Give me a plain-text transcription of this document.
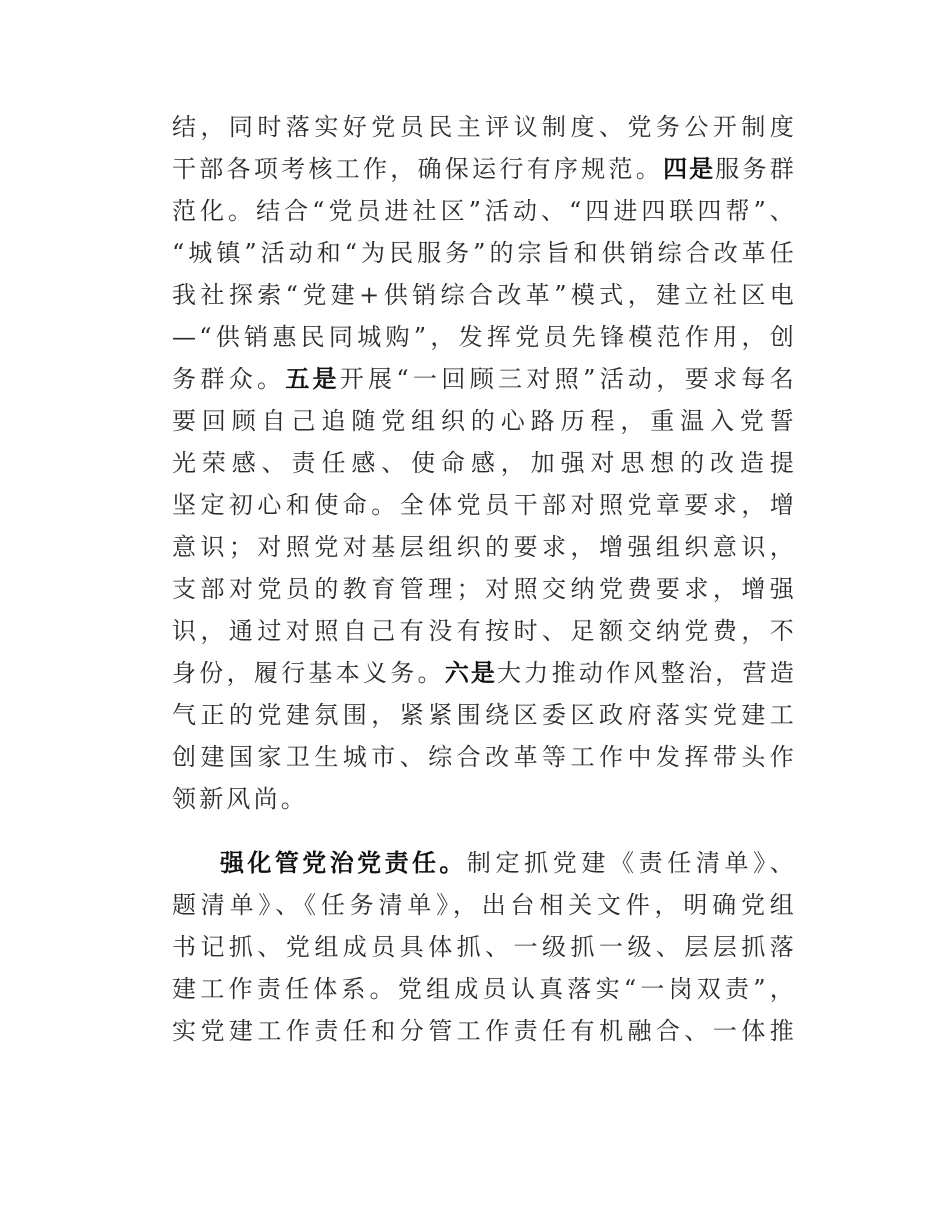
结，同时落实好党员民主评议制度、党务公开制度
干部各项考核工作，确保运行有序规范。四是服务群
范化。结合“党员进社区”活动、“四进四联四帮”、
“城镇”活动和“为民服务”的宗旨和供销综合改革任
我社探索“党建+供销综合改革”模式，建立社区电
—“供销惠民同城购”，发挥党员先锋模范作用，创
务群众。五是开展“一回顾三对照”活动，要求每名
要回顾自己追随党组织的心路历程，重温入党誓
光荣感、责任感、使命感，加强对思想的改造提
坚定初心和使命。全体党员干部对照党章要求，增
意识；对照党对基层组织的要求，增强组织意识，
支部对党员的教育管理；对照交纳党费要求，增强
识，通过对照自己有没有按时、足额交纳党费，不
身份，履行基本义务。六是大力推动作风整治，营造
气正的党建氛围，紧紧围绕区委区政府落实党建工
创建国家卫生城市、综合改革等工作中发挥带头作
领新风尚。
强化管党治党责任。制定抓党建《责任清单》、
题清单》、《任务清单》，出台相关文件，明确党组
书记抓、党组成员具体抓、一级抓一级、层层抓落
建工作责任体系。党组成员认真落实“一岗双责”，
实党建工作责任和分管工作责任有机融合、一体推
